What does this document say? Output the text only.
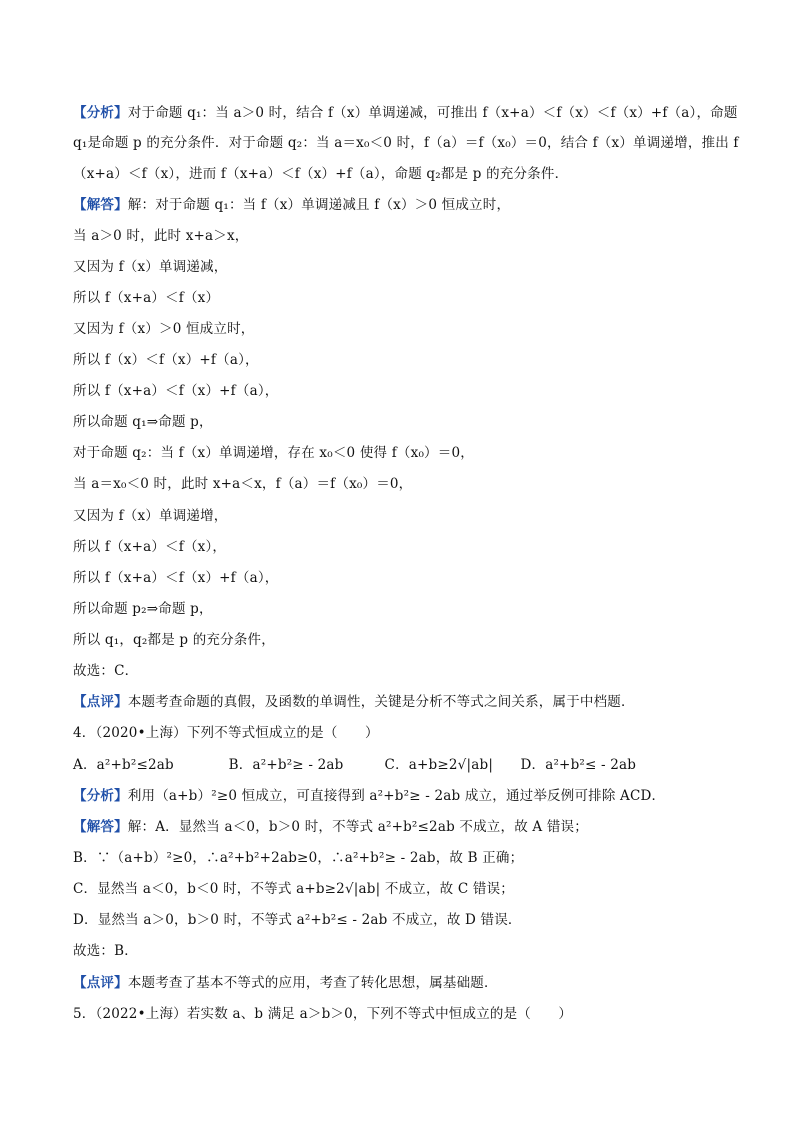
【分析】对于命题 q₁：当 a＞0 时，结合 f（x）单调递减，可推出 f（x+a）＜f（x）＜f（x）+f（a），命题
q₁是命题 p 的充分条件．对于命题 q₂：当 a＝x₀＜0 时，f（a）＝f（x₀）＝0，结合 f（x）单调递增，推出 f
（x+a）＜f（x），进而 f（x+a）＜f（x）+f（a），命题 q₂都是 p 的充分条件．
【解答】解：对于命题 q₁：当 f（x）单调递减且 f（x）＞0 恒成立时，
当 a＞0 时，此时 x+a＞x，
又因为 f（x）单调递减，
所以 f（x+a）＜f（x）
又因为 f（x）＞0 恒成立时，
所以 f（x）＜f（x）+f（a），
所以 f（x+a）＜f（x）+f（a），
所以命题 q₁⇒命题 p，
对于命题 q₂：当 f（x）单调递增，存在 x₀＜0 使得 f（x₀）＝0，
当 a＝x₀＜0 时，此时 x+a＜x，f（a）＝f（x₀）＝0，
又因为 f（x）单调递增，
所以 f（x+a）＜f（x），
所以 f（x+a）＜f（x）+f（a），
所以命题 p₂⇒命题 p，
所以 q₁，q₂都是 p 的充分条件，
故选：C．
【点评】本题考查命题的真假，及函数的单调性，关键是分析不等式之间关系，属于中档题．
4．（2020•上海）下列不等式恒成立的是（　　）
A．a²+b²≤2ab　　　　B．a²+b²≥ - 2ab　　　C．a+b≥2√|ab|　　D．a²+b²≤ - 2ab
【分析】利用（a+b）²≥0 恒成立，可直接得到 a²+b²≥ - 2ab 成立，通过举反例可排除 ACD．
【解答】解：A．显然当 a＜0，b＞0 时，不等式 a²+b²≤2ab 不成立，故 A 错误；
B．∵（a+b）²≥0，∴a²+b²+2ab≥0，∴a²+b²≥ - 2ab，故 B 正确；
C．显然当 a＜0，b＜0 时，不等式 a+b≥2√|ab| 不成立，故 C 错误；
D．显然当 a＞0，b＞0 时，不等式 a²+b²≤ - 2ab 不成立，故 D 错误．
故选：B．
【点评】本题考查了基本不等式的应用，考查了转化思想，属基础题．
5．（2022•上海）若实数 a、b 满足 a＞b＞0，下列不等式中恒成立的是（　　）
